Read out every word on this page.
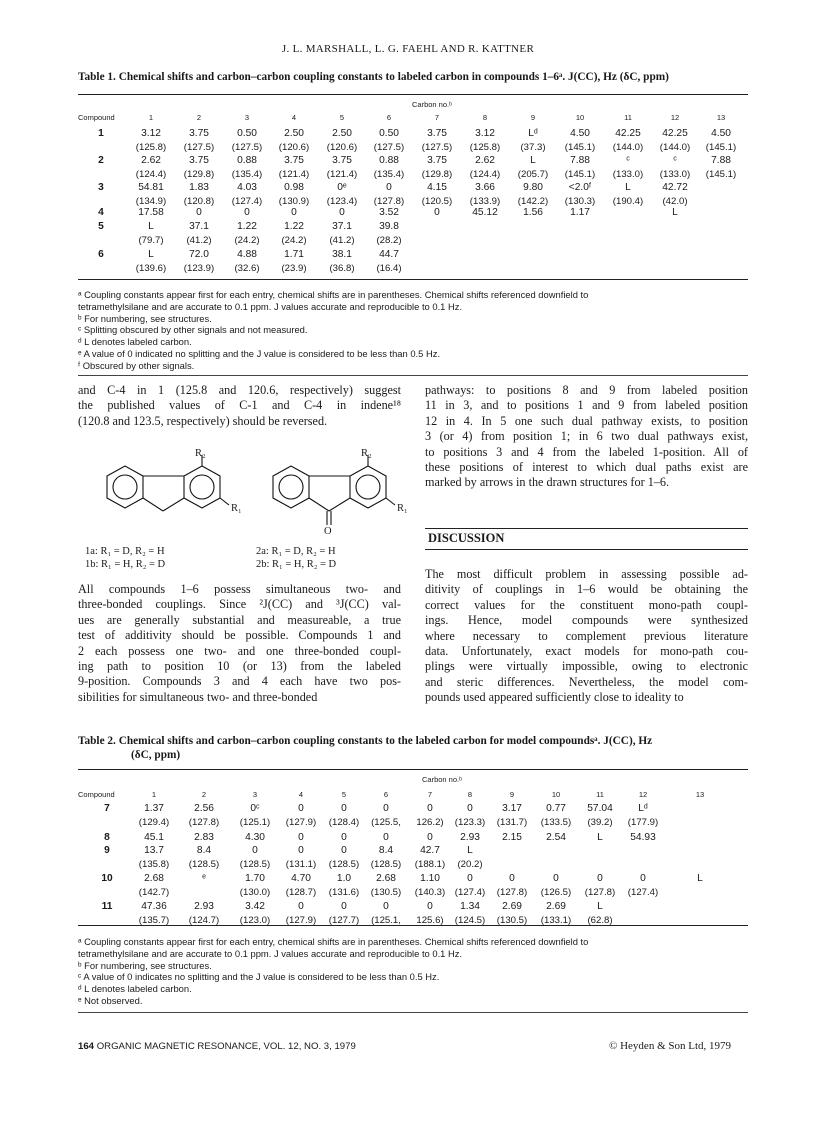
J. L. MARSHALL, L. G. FAEHL AND R. KATTNER
Table 1. Chemical shifts and carbon–carbon coupling constants to labeled carbon in compounds 1–6ᵃ. J(CC), Hz (δC, ppm)
Carbon no.ᵇ
Compound	1	2	3	4	5	6	7	8	9	10	11	12	13
1	3.12	3.75	0.50	2.50	2.50	0.50	3.75	3.12	Lᵈ	4.50	42.25	42.25	4.50
(125.8)	(127.5)	(127.5)	(120.6)	(120.6)	(127.5)	(127.5)	(125.8)	(37.3)	(145.1)	(144.0)	(144.0)	(145.1)
2	2.62	3.75	0.88	3.75	3.75	0.88	3.75	2.62	L	7.88	ᶜ	ᶜ	7.88
(124.4)	(129.8)	(135.4)	(121.4)	(121.4)	(135.4)	(129.8)	(124.4)	(205.7)	(145.1)	(133.0)	(133.0)	(145.1)
3	54.81	1.83	4.03	0.98	0ᵉ	0	4.15	3.66	9.80	<2.0ᶠ	L	42.72
(134.9)	(120.8)	(127.4)	(130.9)	(123.4)	(127.8)	(120.5)	(133.9)	(142.2)	(130.3)	(190.4)	(42.0)
4	17.58	0	0	0	0	3.52	0	45.12	1.56	1.17	L
5	L	37.1	1.22	1.22	37.1	39.8
(79.7)	(41.2)	(24.2)	(24.2)	(41.2)	(28.2)
6	L	72.0	4.88	1.71	38.1	44.7
(139.6)	(123.9)	(32.6)	(23.9)	(36.8)	(16.4)
ᵃ Coupling constants appear first for each entry, chemical shifts are in parentheses. Chemical shifts referenced downfield to
tetramethylsilane and are accurate to 0.1 ppm. J values accurate and reproducible to 0.1 Hz.
ᵇ For numbering, see structures.
ᶜ Splitting obscured by other signals and not measured.
ᵈ L denotes labeled carbon.
ᵉ A value of 0 indicated no splitting and the J value is considered to be less than 0.5 Hz.
ᶠ Obscured by other signals.
and C-4 in 1 (125.8 and 120.6, respectively) suggest
the published values of C-1 and C-4 in indene¹⁸
(120.8 and 123.5, respectively) should be reversed.
R₂
R₁
R₂
R₁
O
1a: R₁ = D, R₂ = H
1b: R₁ = H, R₂ = D
2a: R₁ = D, R₂ = H
2b: R₁ = H, R₂ = D
All compounds 1–6 possess simultaneous two- and
three-bonded couplings. Since ²J(CC) and ³J(CC) val-
ues are generally substantial and measureable, a true
test of additivity should be possible. Compounds 1 and
2 each possess one two- and one three-bonded coupl-
ing path to position 10 (or 13) from the labeled
9-position. Compounds 3 and 4 each have two pos-
sibilities for simultaneous two- and three-bonded
pathways: to positions 8 and 9 from labeled position
11 in 3, and to positions 1 and 9 from labeled position
12 in 4. In 5 one such dual pathway exists, to position
3 (or 4) from position 1; in 6 two dual pathways exist,
to positions 3 and 4 from the labeled 1-position. All of
these positions of interest to which dual paths exist are
marked by arrows in the drawn structures for 1–6.
DISCUSSION
The most difficult problem in assessing possible ad-
ditivity of couplings in 1–6 would be obtaining the
correct values for the constituent mono-path coupl-
ings. Hence, model compounds were synthesized
where necessary to complement previous literature
data. Unfortunately, exact models for mono-path cou-
plings were virtually impossible, owing to electronic
and steric differences. Nevertheless, the model com-
pounds used appeared sufficiently close to ideality to
Table 2. Chemical shifts and carbon–carbon coupling constants to the labeled carbon for model compoundsᵃ. J(CC), Hz
(δC, ppm)
Carbon no.ᵇ
Compound	1	2	3	4	5	6	7	8	9	10	11	12	13
7	1.37	2.56	0ᶜ	0	0	0	0	0	3.17	0.77	57.04	Lᵈ
(129.4)	(127.8)	(125.1)	(127.9)	(128.4)	(125.5,	126.2)	(123.3)	(131.7)	(133.5)	(39.2)	(177.9)
8	45.1	2.83	4.30	0	0	0	0	2.93	2.15	2.54	L	54.93
9	13.7	8.4	0	0	0	8.4	42.7	L
(135.8)	(128.5)	(128.5)	(131.1)	(128.5)	(128.5)	(188.1)	(20.2)
10	2.68	ᵉ	1.70	4.70	1.0	2.68	1.10	0	0	0	0	0	L
(142.7)	(130.0)	(128.7)	(131.6)	(130.5)	(140.3) (127.4)	(127.8)	(126.5)	(127.8)	(127.4)
11	47.36	2.93	3.42	0	0	0	0	1.34	2.69	2.69	L
(135.7)	(124.7)	(123.0)	(127.9)	(127.7)	(125.1,	125.6)	(124.5)	(130.5)	(133.1)	(62.8)
ᵃ Coupling constants appear first for each entry, chemical shifts are in parentheses. Chemical shifts referenced downfield to
tetramethylsilane and are accurate to 0.1 ppm. J values accurate and reproducible to 0.1 Hz.
ᵇ For numbering, see structures.
ᶜ A value of 0 indicates no splitting and the J value is considered to be less than 0.5 Hz.
ᵈ L denotes labeled carbon.
ᵉ Not observed.
164 ORGANIC MAGNETIC RESONANCE, VOL. 12, NO. 3, 1979	© Heyden & Son Ltd, 1979
